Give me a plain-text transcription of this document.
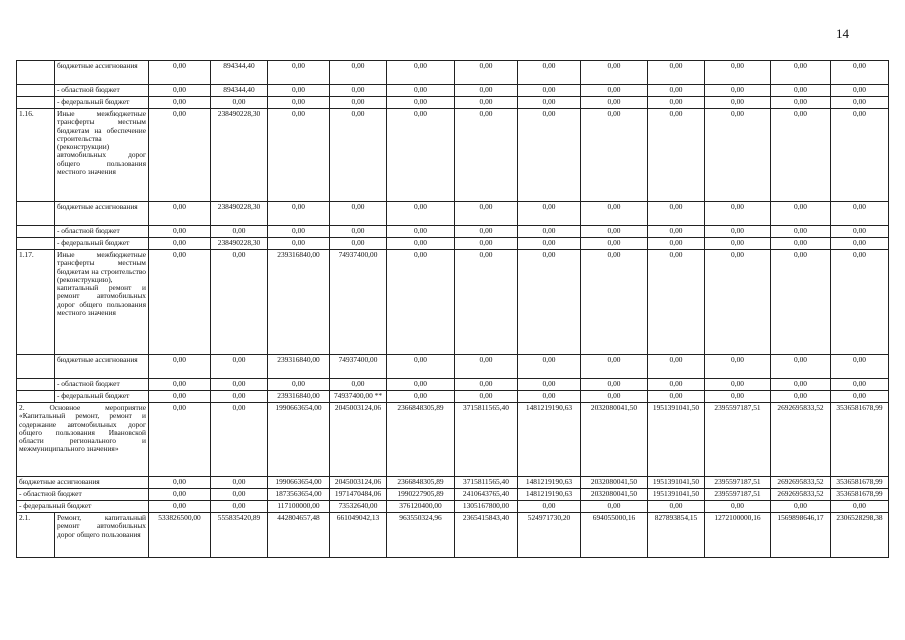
14
	бюджетные ассигнования	0,00	894344,40	0,00	0,00	0,00	0,00	0,00	0,00	0,00	0,00	0,00	0,00
	- областной бюджет	0,00	894344,40	0,00	0,00	0,00	0,00	0,00	0,00	0,00	0,00	0,00	0,00
	- федеральный бюджет	0,00	0,00	0,00	0,00	0,00	0,00	0,00	0,00	0,00	0,00	0,00	0,00
1.16.	Иные межбюджетные трансферты местным бюджетам на обеспечение строительства (реконструкции) автомобильных дорог общего пользования местного значения	0,00	238490228,30	0,00	0,00	0,00	0,00	0,00	0,00	0,00	0,00	0,00	0,00
	бюджетные ассигнования	0,00	238490228,30	0,00	0,00	0,00	0,00	0,00	0,00	0,00	0,00	0,00	0,00
	- областной бюджет	0,00	0,00	0,00	0,00	0,00	0,00	0,00	0,00	0,00	0,00	0,00	0,00
	- федеральный бюджет	0,00	238490228,30	0,00	0,00	0,00	0,00	0,00	0,00	0,00	0,00	0,00	0,00
1.17.	Иные межбюджетные трансферты местным бюджетам на строительство (реконструкцию), капитальный ремонт и ремонт автомобильных дорог общего пользования местного значения	0,00	0,00	239316840,00	74937400,00	0,00	0,00	0,00	0,00	0,00	0,00	0,00	0,00
	бюджетные ассигнования	0,00	0,00	239316840,00	74937400,00	0,00	0,00	0,00	0,00	0,00	0,00	0,00	0,00
	- областной бюджет	0,00	0,00	0,00	0,00	0,00	0,00	0,00	0,00	0,00	0,00	0,00	0,00
	- федеральный бюджет	0,00	0,00	239316840,00	74937400,00 **	0,00	0,00	0,00	0,00	0,00	0,00	0,00	0,00
2. Основное мероприятие «Капитальный ремонт, ремонт и содержание автомобильных дорог общего пользования Ивановской области регионального и межмуниципального значения»		0,00	0,00	1990663654,00	2045003124,06	2366848305,89	3715811565,40	1481219190,63	2032080041,50	1951391041,50	2395597187,51	2692695833,52	3536581678,99
бюджетные ассигнования		0,00	0,00	1990663654,00	2045003124,06	2366848305,89	3715811565,40	1481219190,63	2032080041,50	1951391041,50	2395597187,51	2692695833,52	3536581678,99
- областной бюджет		0,00	0,00	1873563654,00	1971470484,06	1990227905,89	2410643765,40	1481219190,63	2032080041,50	1951391041,50	2395597187,51	2692695833,52	3536581678,99
- федеральный бюджет		0,00	0,00	117100000,00	73532640,00	376120400,00	1305167800,00	0,00	0,00	0,00	0,00	0,00	0,00
2.1.	Ремонт, капитальный ремонт автомобильных дорог общего пользования	533826500,00	555835420,89	442804657,48	661049042,13	963550324,96	2365415843,40	524971730,20	694055000,16	827893854,15	1272100000,16	1569898646,17	2306528298,38
